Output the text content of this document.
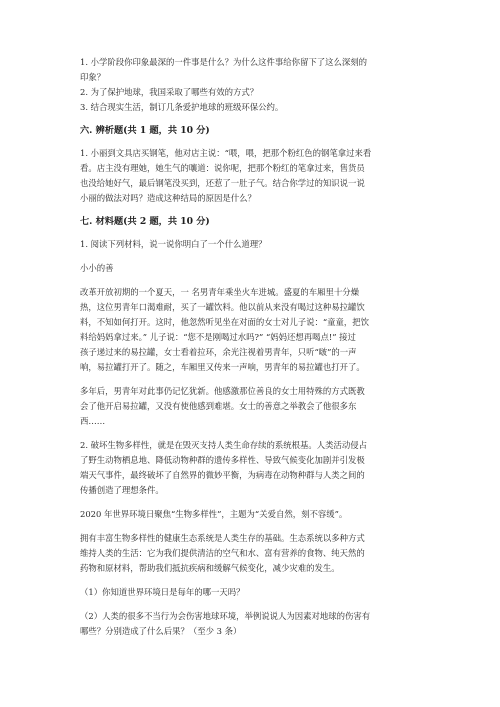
1. 小学阶段你印象最深的一件事是什么？为什么这件事给你留下了这么深刻的
印象？
2. 为了保护地球，我国采取了哪些有效的方式？
3. 结合现实生活，制订几条爱护地球的班级环保公约。
六. 辨析题(共 1 题，共 10 分)
1. 小丽到文具店买钢笔，他对店主说：“喂，喂，把那个粉红色的钢笔拿过来看
看。店主没有理她，她生气的嚷道：说你呢，把那个粉红的笔拿过来，售货员
也没给她好气，最后钢笔没买到，还惹了一肚子气。结合你学过的知识说一说
小丽的做法对吗？造成这种结局的原因是什么？
七. 材料题(共 2 题，共 10 分)
1. 阅读下列材料，说一说你明白了一个什么道理？
小小的善
改革开放初期的一个夏天，一 名男青年乘坐火车进城。盛夏的车厢里十分燥
热，这位男青年口渴难耐，买了一罐饮料。他以前从来没有喝过这种易拉罐饮
料，不知如何打开。这时，他忽然听见坐在对面的女士对儿子说：“童童，把饮
料给妈妈拿过来。” 儿子说：“您不是刚喝过水吗?” “妈妈还想再喝点!” 接过
孩子递过来的易拉罐，女士看着拉环，余光注视着男青年，只听“啵”的一声
响，易拉罐打开了。随之，车厢里又传来一声响，男青年的易拉罐也打开了。
多年后，男青年对此事仍记忆犹新。他感激那位善良的女士用特殊的方式既教
会了他开启易拉罐，又没有使他感到难堪。女士的善意之举教会了他很多东
西……
2. 破坏生物多样性，就是在毁灭支持人类生命存续的系统根基。人类活动侵占
了野生动物栖息地、降低动物种群的遗传多样性、导致气候变化加剧并引发极
端天气事件，最终破坏了自然界的微妙平衡，为病毒在动物种群与人类之间的
传播创造了理想条件。
2020 年世界环境日聚焦“生物多样性”，主题为“关爱自然，刻不容缓”。
拥有丰富生物多样性的健康生态系统是人类生存的基础。生态系统以多种方式
维持人类的生活：它为我们提供清洁的空气和水、富有营养的食物、纯天然的
药物和原材料，帮助我们抵抗疾病和缓解气候变化，减少灾难的发生。
（1）你知道世界环境日是每年的哪一天吗？
（2）人类的很多不当行为会伤害地球环境，举例说说人为因素对地球的伤害有
哪些？分别造成了什么后果？（至少 3 条）
